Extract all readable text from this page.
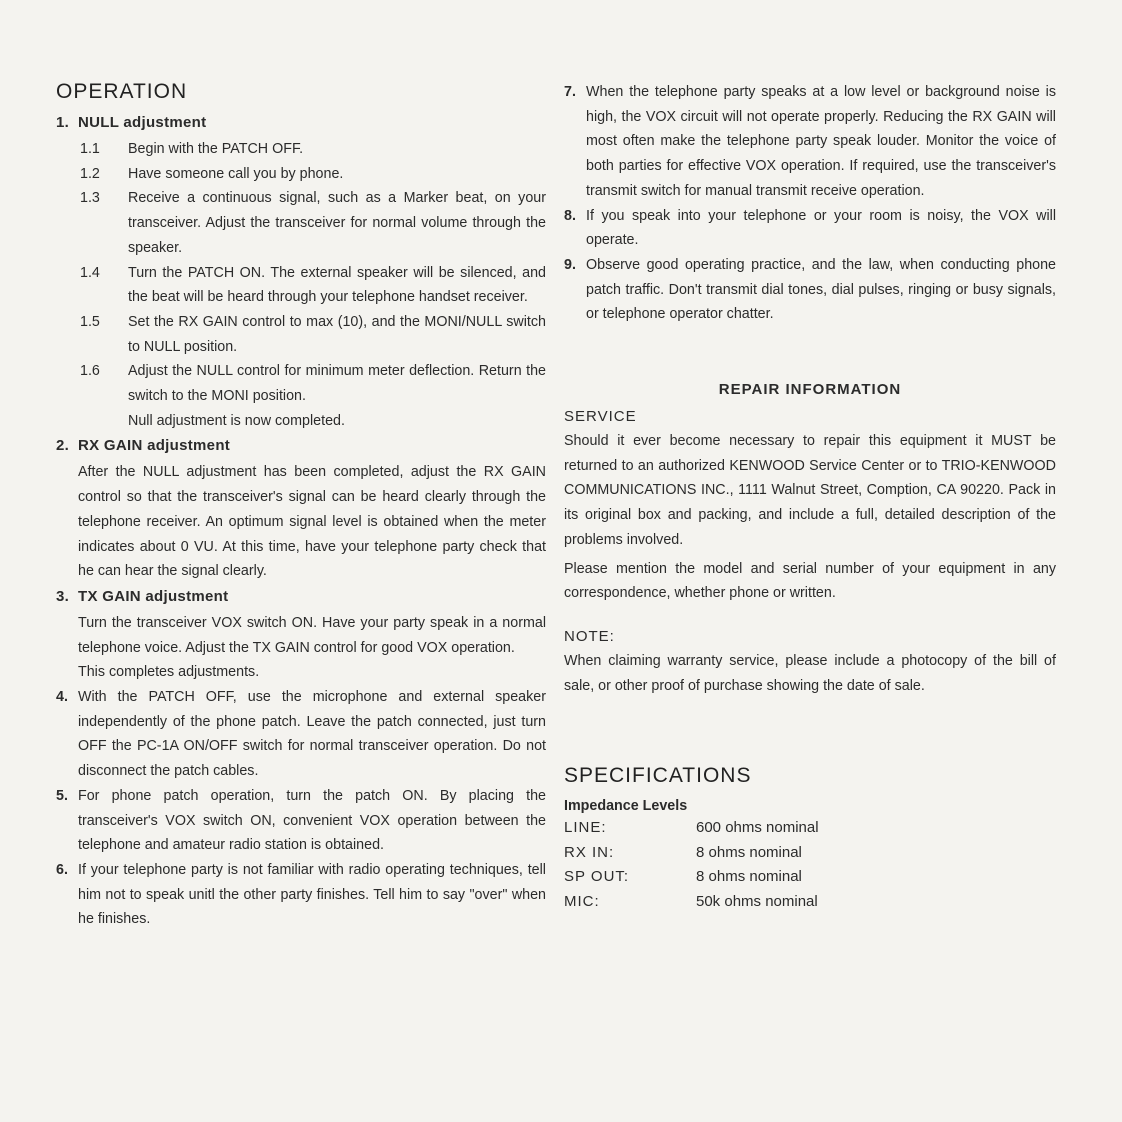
OPERATION
1. NULL adjustment
1.1	Begin with the PATCH OFF.

1.2	Have someone call you by phone.

1.3	Receive a continuous signal, such as a Marker beat, on your transceiver. Adjust the transceiver for normal volume through the speaker.

1.4	Turn the PATCH ON. The external speaker will be silenced, and the beat will be heard through your telephone handset receiver.

1.5	Set the RX GAIN control to max (10), and the MONI/NULL switch to NULL position.

1.6	Adjust the NULL control for minimum meter deflection. Return the switch to the MONI position.

Null adjustment is now completed.

2. RX GAIN adjustment

After the NULL adjustment has been completed, adjust the RX GAIN control so that the transceiver's signal can be heard clearly through the telephone receiver. An optimum signal level is obtained when the meter indicates about 0 VU. At this time, have your telephone party check that he can hear the signal clearly.

3. TX GAIN adjustment

Turn the transceiver VOX switch ON. Have your party speak in a normal telephone voice. Adjust the TX GAIN control for good VOX operation.

This completes adjustments.

4. With the PATCH OFF, use the microphone and external speaker independently of the phone patch. Leave the patch connected, just turn OFF the PC-1A ON/OFF switch for normal transceiver operation. Do not disconnect the patch cables.

5. For phone patch operation, turn the patch ON. By placing the transceiver's VOX switch ON, convenient VOX operation between the telephone and amateur radio station is obtained.

6. If your telephone party is not familiar with radio operating techniques, tell him not to speak unitl the other party finishes. Tell him to say "over" when he finishes.

7. When the telephone party speaks at a low level or background noise is high, the VOX circuit will not operate properly. Reducing the RX GAIN will most often make the telephone party speak louder. Monitor the voice of both parties for effective VOX operation. If required, use the transceiver's transmit switch for manual transmit receive operation.

8. If you speak into your telephone or your room is noisy, the VOX will operate.

9. Observe good operating practice, and the law, when conducting phone patch traffic. Don't transmit dial tones, dial pulses, ringing or busy signals, or telephone operator chatter.

REPAIR INFORMATION
SERVICE

Should it ever become necessary to repair this equipment it MUST be returned to an authorized KENWOOD Service Center or to TRIO-KENWOOD COMMUNICATIONS INC., 1111 Walnut Street, Comption, CA 90220. Pack in its original box and packing, and include a full, detailed description of the problems involved.

Please mention the model and serial number of your equipment in any correspondence, whether phone or written.

NOTE:

When claiming warranty service, please include a photocopy of the bill of sale, or other proof of purchase showing the date of sale.

SPECIFICATIONS
Impedance Levels
LINE:	600 ohms nominal
RX IN:	8 ohms nominal
SP OUT:	8 ohms nominal
MIC:	50k ohms nominal
